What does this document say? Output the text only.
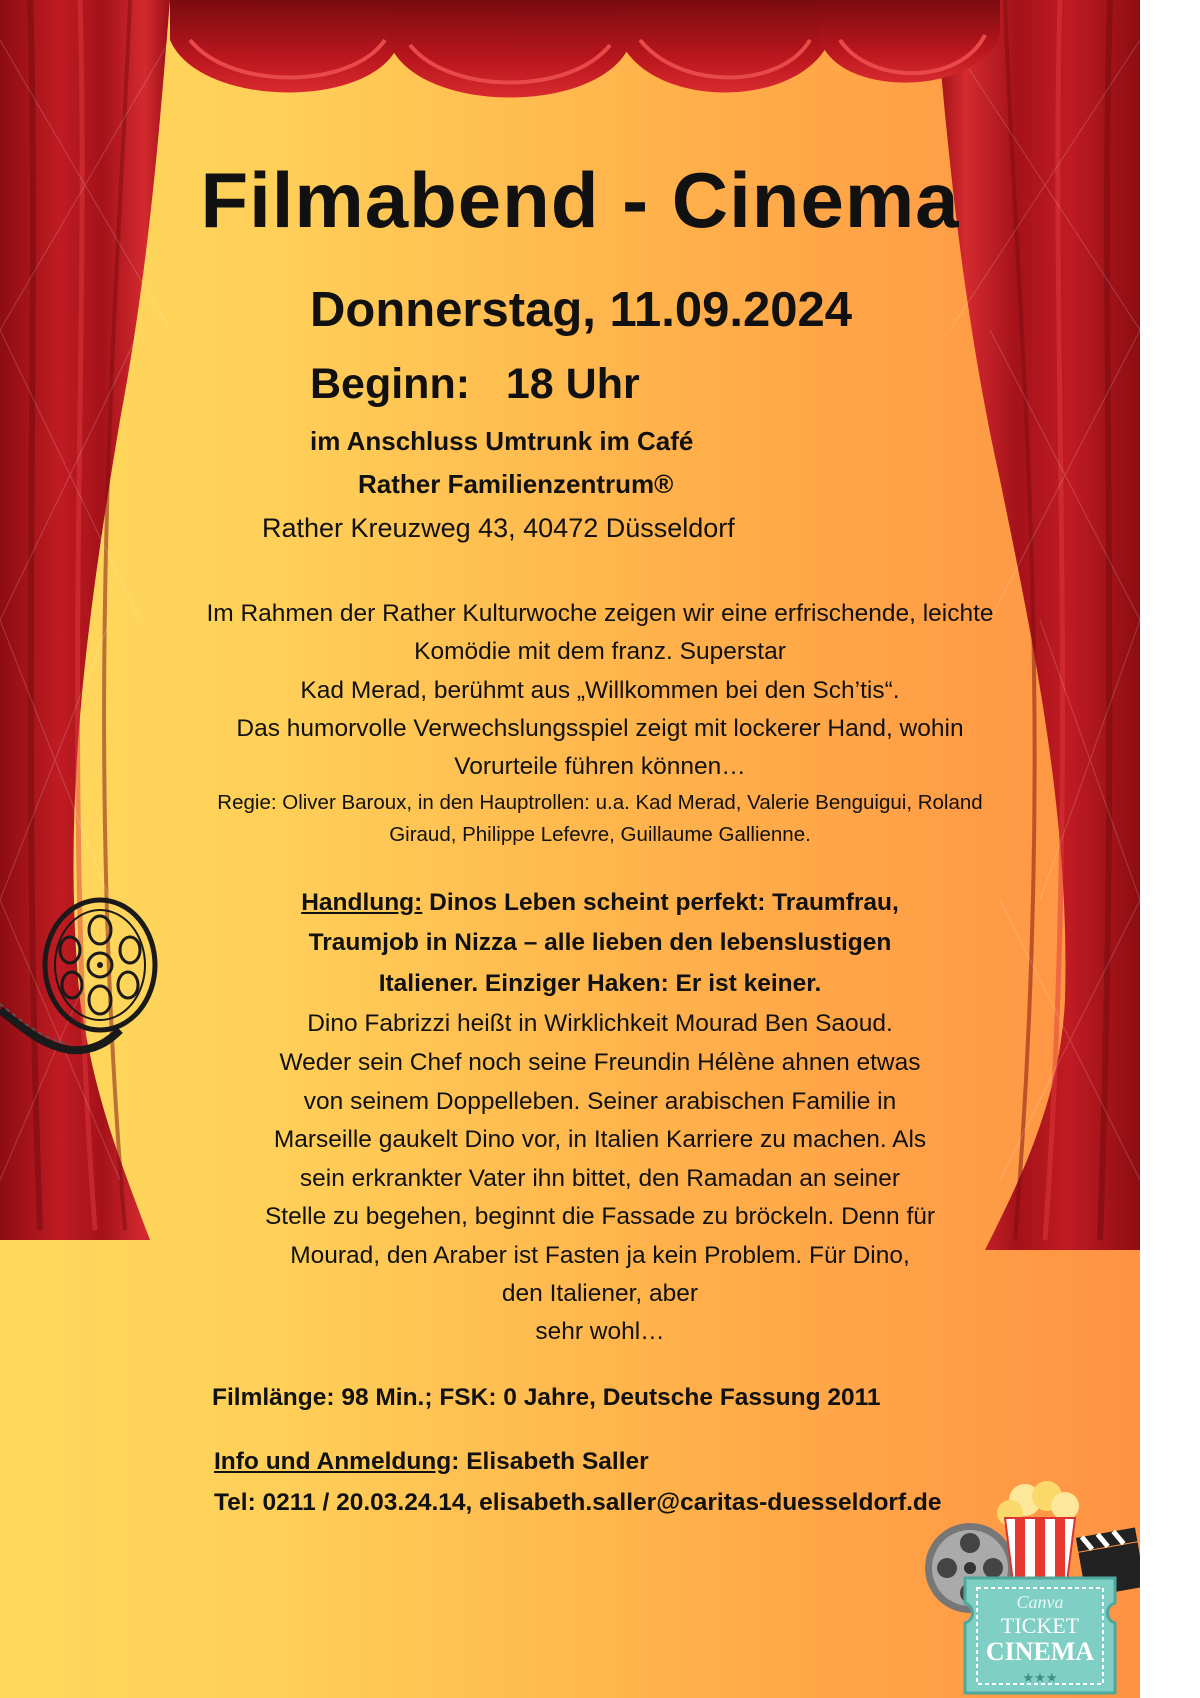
Filmabend - Cinema
Donnerstag, 11.09.2024
Beginn: 18 Uhr
im Anschluss Umtrunk im Café
Rather Familienzentrum®
Rather Kreuzweg 43, 40472 Düsseldorf
Im Rahmen der Rather Kulturwoche zeigen wir eine erfrischende, leichte
Komödie mit dem franz. Superstar
Kad Merad, berühmt aus „Willkommen bei den Sch’tis“.
Das humorvolle Verwechslungsspiel zeigt mit lockerer Hand, wohin
Vorurteile führen können…
Regie: Oliver Baroux, in den Hauptrollen: u.a. Kad Merad, Valerie Benguigui, Roland
Giraud, Philippe Lefevre, Guillaume Gallienne.
Handlung: Dinos Leben scheint perfekt: Traumfrau,
Traumjob in Nizza – alle lieben den lebenslustigen
Italiener. Einziger Haken: Er ist keiner.
Dino Fabrizzi heißt in Wirklichkeit Mourad Ben Saoud.
Weder sein Chef noch seine Freundin Hélène ahnen etwas
von seinem Doppelleben. Seiner arabischen Familie in
Marseille gaukelt Dino vor, in Italien Karriere zu machen. Als
sein erkrankter Vater ihn bittet, den Ramadan an seiner
Stelle zu begehen, beginnt die Fassade zu bröckeln. Denn für
Mourad, den Araber ist Fasten ja kein Problem. Für Dino,
den Italiener, aber
sehr wohl…
Filmlänge: 98 Min.; FSK: 0 Jahre, Deutsche Fassung 2011
Info und Anmeldung: Elisabeth Saller
Tel: 0211 / 20.03.24.14, elisabeth.saller@caritas-duesseldorf.de
Canva
TICKET
CINEMA
★★★
